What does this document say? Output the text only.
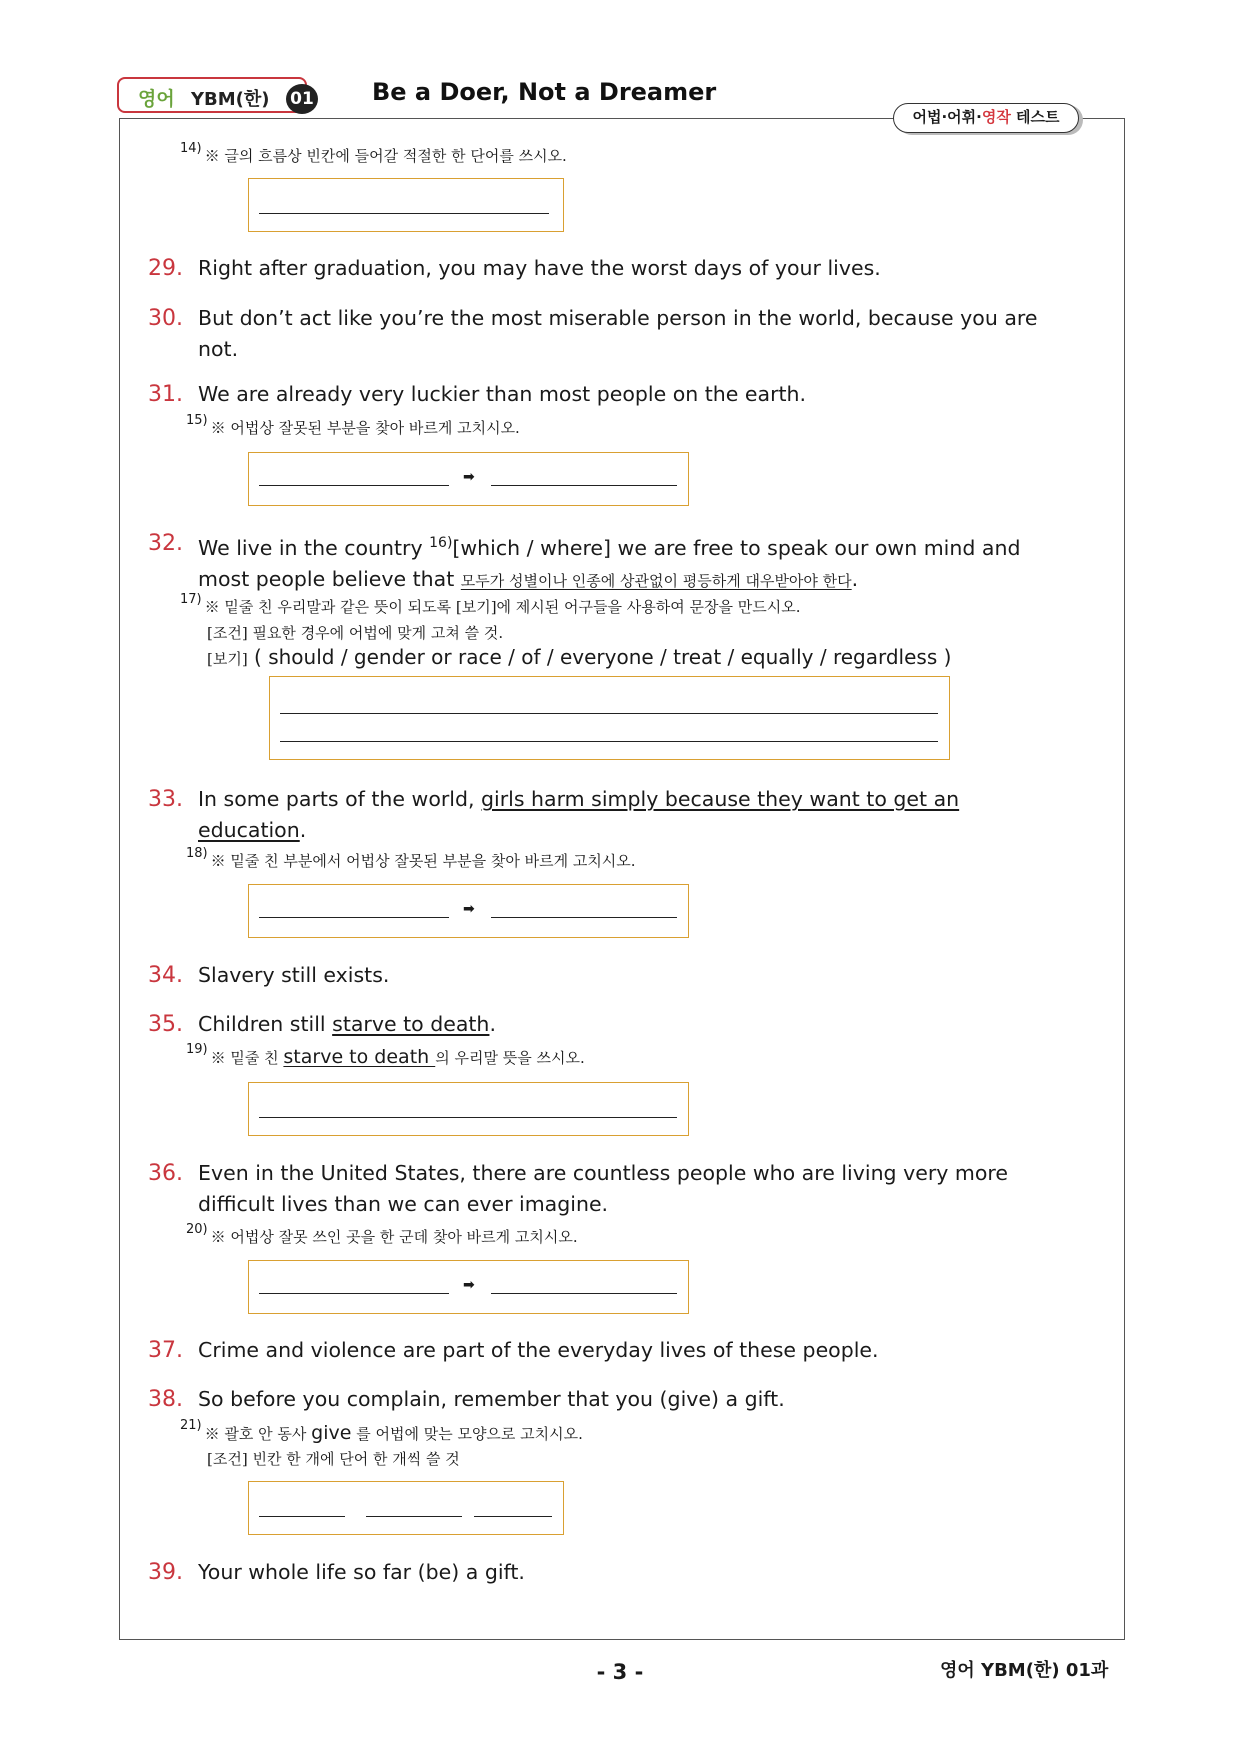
영어 YBM(한) 01 Be a Doer, Not a Dreamer
어법·어휘·영작 테스트
$^{14)}$ ※ 글의 흐름상 빈칸에 들어갈 적절한 한 단어를 쓰시오.
29. Right after graduation, you may have the worst days of your lives.
30. But don’t act like you’re the most miserable person in the world, because you are
not.
31. We are already very luckier than most people on the earth.
$^{15)}$ ※ 어법상 잘못된 부분을 찾아 바르게 고치시오.
➡
32. We live in the country $^{16)}$[which / where] we are free to speak our own mind and
most people believe that 모두가 성별이나 인종에 상관없이 평등하게 대우받아야 한다.
$^{17)}$ ※ 밑줄 친 우리말과 같은 뜻이 되도록 [보기]에 제시된 어구들을 사용하여 문장을 만드시오.
[조건] 필요한 경우에 어법에 맞게 고쳐 쓸 것.
[보기] ( should / gender or race / of / everyone / treat / equally / regardless )
33. In some parts of the world, girls harm simply because they want to get an
education.
$^{18)}$ ※ 밑줄 친 부분에서 어법상 잘못된 부분을 찾아 바르게 고치시오.
➡
34. Slavery still exists.
35. Children still starve to death.
$^{19)}$ ※ 밑줄 친 starve to death 의 우리말 뜻을 쓰시오.
36. Even in the United States, there are countless people who are living very more
difficult lives than we can ever imagine.
$^{20)}$ ※ 어법상 잘못 쓰인 곳을 한 군데 찾아 바르게 고치시오.
➡
37. Crime and violence are part of the everyday lives of these people.
38. So before you complain, remember that you (give) a gift.
$^{21)}$ ※ 괄호 안 동사 give 를 어법에 맞는 모양으로 고치시오.
[조건] 빈칸 한 개에 단어 한 개씩 쓸 것
39. Your whole life so far (be) a gift.
- 3 -	영어 YBM(한) 01과
